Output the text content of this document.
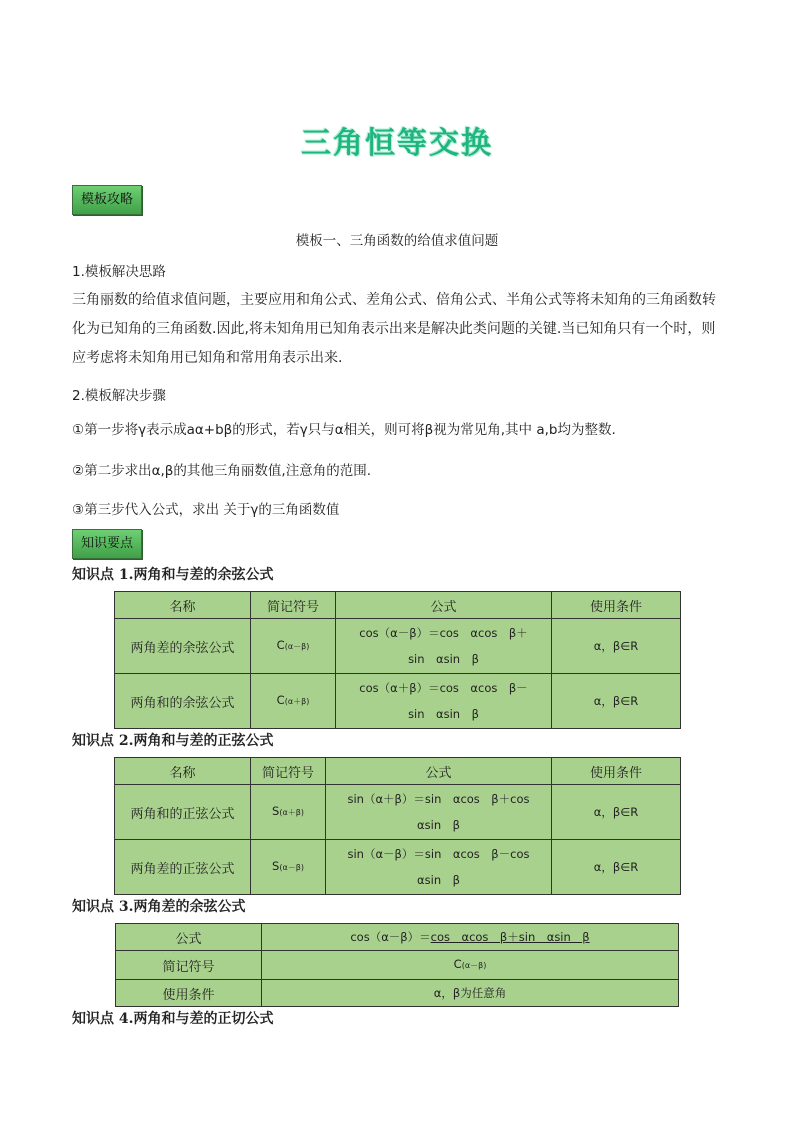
三角恒等交换
模板攻略
模板一、三角函数的给值求值问题
1.模板解决思路
三角丽数的给值求值问题，主要应用和角公式、差角公式、倍角公式、半角公式等将未知角的三角函数转化为已知角的三角函数.因此,将未知角用已知角表示出来是解决此类问题的关键.当已知角只有一个时，则应考虑将未知角用已知角和常用角表示出来.
2.模板解决步骤
①第一步将γ表示成aα+bβ的形式，若γ只与α相关，则可将β视为常见角,其中 a,b均为整数.
②第二步求出α,β的其他三角丽数值,注意角的范围.
③第三步代入公式，求出 关于γ的三角函数值
知识要点
知识点 1.两角和与差的余弦公式
名称	简记符号	公式	使用条件
两角差的余弦公式	C(α－β)	cos（α－β）＝cos　αcos　β＋
sin　αsin　β	α，β∈R
两角和的余弦公式	C(α＋β)	cos（α＋β）＝cos　αcos　β－
sin　αsin　β	α，β∈R
知识点 2.两角和与差的正弦公式
名称	简记符号	公式	使用条件
两角和的正弦公式	S(α＋β)	sin（α＋β）＝sin　αcos　β＋cos
αsin　β	α，β∈R
两角差的正弦公式	S(α－β)	sin（α－β）＝sin　αcos　β－cos
αsin　β	α，β∈R
知识点 3.两角差的余弦公式
公式	cos（α－β）＝cos　αcos　β＋sin　αsin　β
简记符号	C(α－β)
使用条件	α，β为任意角
知识点 4.两角和与差的正切公式
